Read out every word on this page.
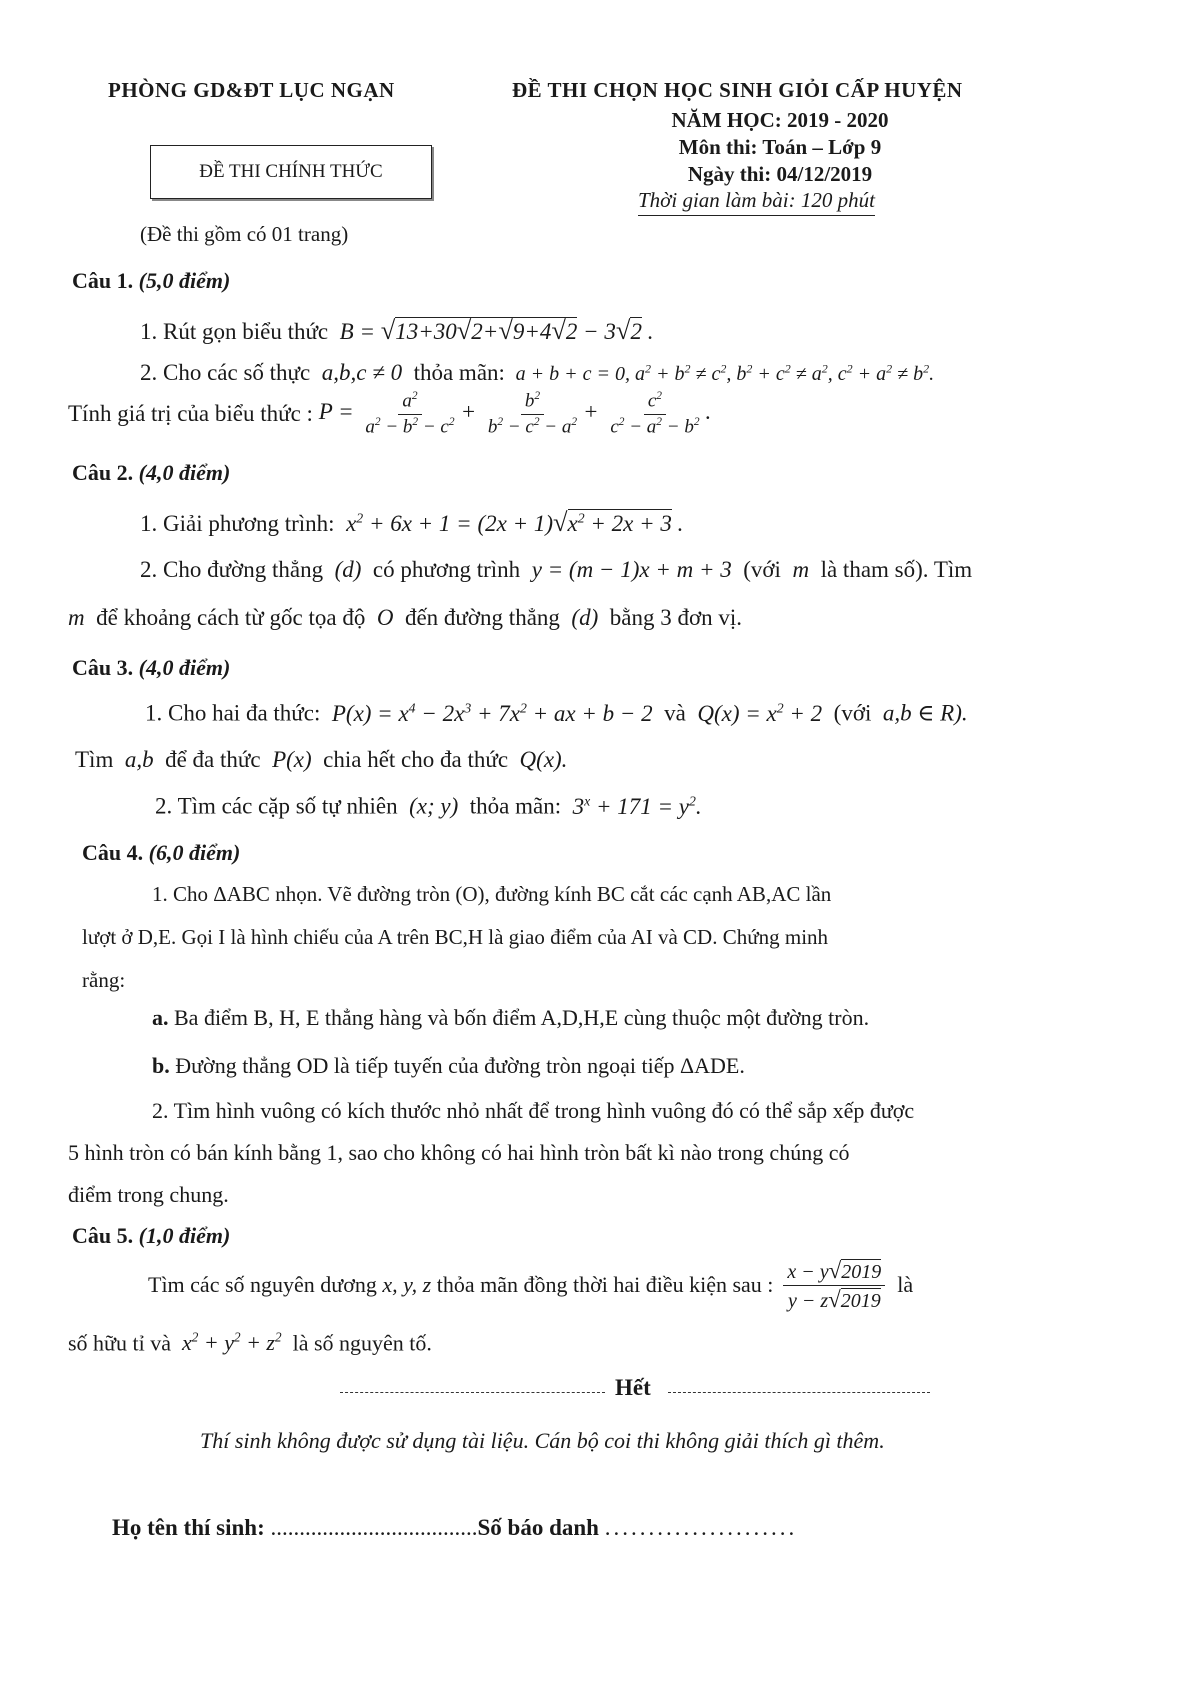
PHÒNG GD&ĐT LỤC NGẠN	ĐỀ THI CHỌN HỌC SINH GIỎI CẤP HUYỆN
NĂM HỌC: 2019 - 2020
Môn thi: Toán – Lớp 9
Ngày thi: 04/12/2019
Thời gian làm bài: 120 phút
ĐỀ THI CHÍNH THỨC
(Đề thi gồm có 01 trang)
Câu 1. (5,0 điểm)
1. Rút gọn biểu thức  B = √13+30√2+√9+4√2 − 3√2 .
2. Cho các số thực  a,b,c ≠ 0  thỏa mãn:  a + b + c = 0, $a^2 + b^2 \ne c^2$, $b^2 + c^2 \ne a^2$, $c^2 + a^2 \ne b^2$.
Tính giá trị của biểu thức : $P = \frac{a^2}{a^2 - b^2 - c^2} + \frac{b^2}{b^2 - c^2 - a^2} + \frac{c^2}{c^2 - a^2 - b^2}$ .
Câu 2. (4,0 điểm)
1. Giải phương trình:  $x^2 + 6x + 1 = (2x + 1)√x^2 + 2x + 3$ .
2. Cho đường thẳng  (d)  có phương trình  y = (m − 1)x + m + 3  (với  m  là tham số). Tìm
m  để khoảng cách từ gốc tọa độ  O  đến đường thẳng  (d)  bằng 3 đơn vị.
Câu 3. (4,0 điểm)
1. Cho hai đa thức:  $P(x) = x^4 - 2x^3 + 7x^2$ + ax + b − 2  và  $Q(x) = x^2 + 2$  (với  a,b ∈ R).
Tìm  a,b  để đa thức  P(x)  chia hết cho đa thức  Q(x).
2. Tìm các cặp số tự nhiên  (x; y)  thỏa mãn:  $3^x + 171 = y^2$.
Câu 4. (6,0 điểm)
1. Cho ΔABC nhọn. Vẽ đường tròn (O), đường kính BC cắt các cạnh AB,AC lần
lượt ở D,E. Gọi I là hình chiếu của A trên BC,H là giao điểm của AI và CD. Chứng minh
rằng:
a. Ba điểm B, H, E thẳng hàng và bốn điểm A,D,H,E cùng thuộc một đường tròn.
b. Đường thẳng OD là tiếp tuyến của đường tròn ngoại tiếp ΔADE.
2. Tìm hình vuông có kích thước nhỏ nhất để trong hình vuông đó có thể sắp xếp được
5 hình tròn có bán kính bằng 1, sao cho không có hai hình tròn bất kì nào trong chúng có
điểm trong chung.
Câu 5. (1,0 điểm)
Tìm các số nguyên dương x, y, z thỏa mãn đồng thời hai điều kiện sau : $\frac{x - y√2019}{y - z√2019}$ là
số hữu tỉ và  $x^2 + y^2 + z^2$ là số nguyên tố.
Hết
Thí sinh không được sử dụng tài liệu. Cán bộ coi thi không giải thích gì thêm.
Họ tên thí sinh: ....................................Số báo danh ......................
